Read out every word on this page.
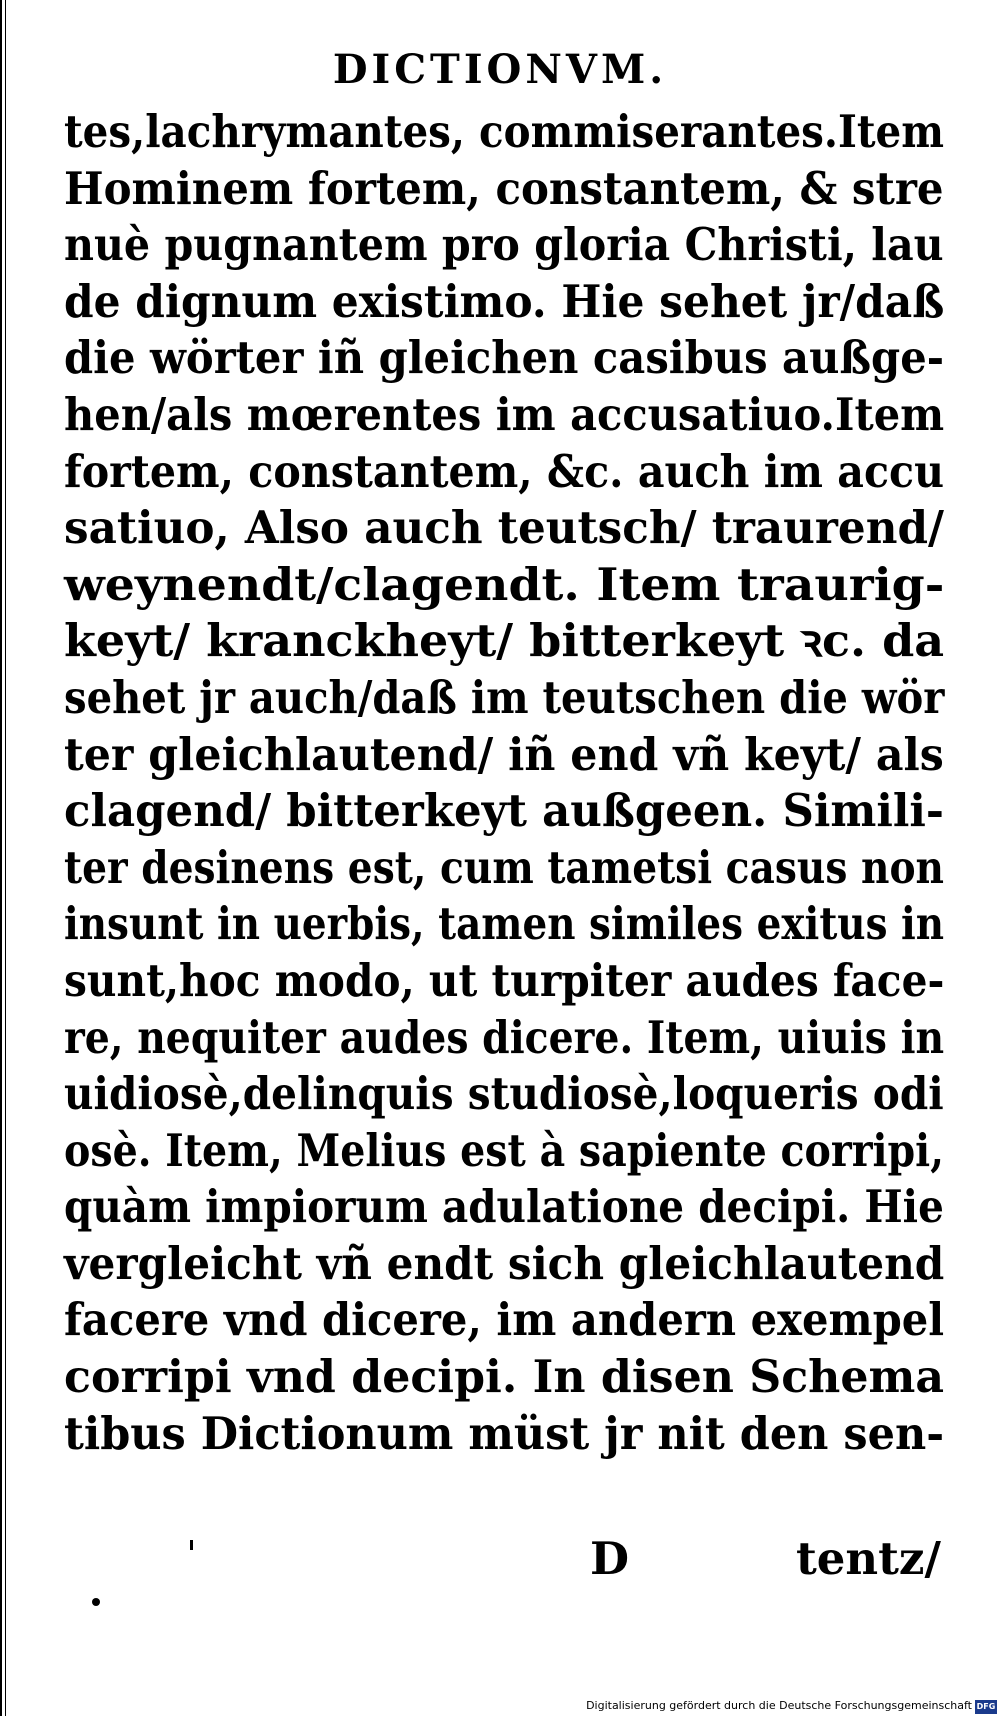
DICTIONVM.
tes,lachrymantes, commiserantes.Item
Hominem fortem, constantem, & stre
nuè pugnantem pro gloria Christi, lau
de dignum existimo. Hie sehet jr/daß
die wörter iñ gleichen casibus außge-
hen/als mœrentes im accusatiuo.Item
fortem, constantem, &c. auch im accu
satiuo, Also auch teutsch/ traurend/
weynendt/clagendt. Item traurig-
keyt/ kranckheyt/ bitterkeyt ꝛc. da
sehet jr auch/daß im teutschen die wör
ter gleichlautend/ iñ end vñ keyt/ als
clagend/ bitterkeyt außgeen. Simili-
ter desinens est, cum tametsi casus non
insunt in uerbis, tamen similes exitus in
sunt,hoc modo, ut turpiter audes face-
re, nequiter audes dicere. Item, uiuis in
uidiosè,delinquis studiosè,loqueris odi
osè. Item, Melius est à sapiente corripi,
quàm impiorum adulatione decipi. Hie
vergleicht vñ endt sich gleichlautend
facere vnd dicere, im andern exempel
corripi vnd decipi. In disen Schema
tibus Dictionum müst jr nit den sen-
D	tentz/
Digitalisierung gefördert durch die Deutsche Forschungsgemeinschaft DFG
